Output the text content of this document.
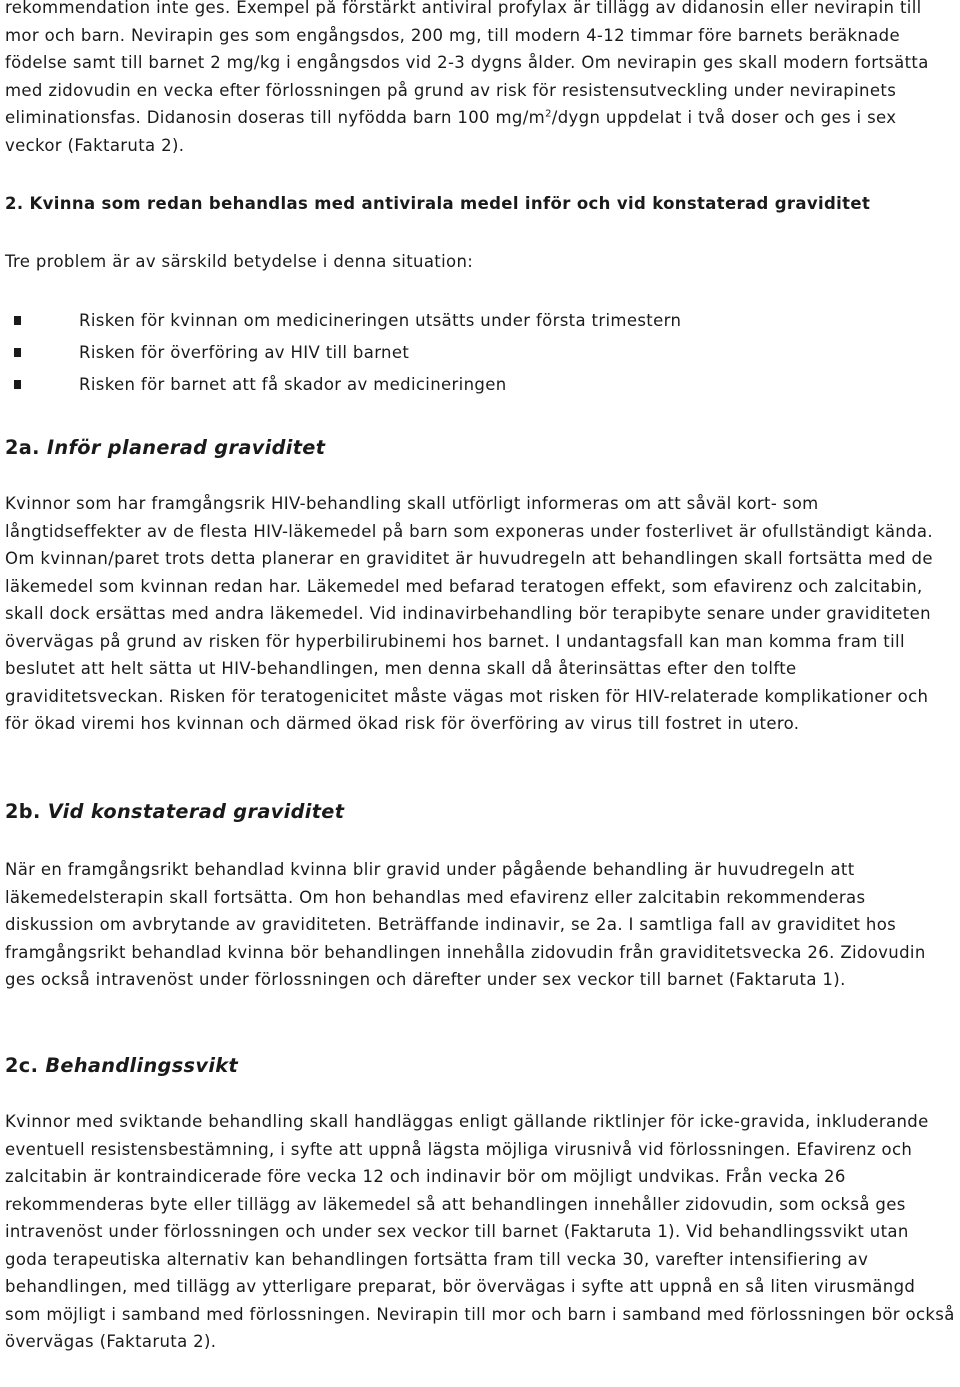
rekommendation inte ges. Exempel på förstärkt antiviral profylax är tillägg av didanosin eller nevirapin till mor och barn. Nevirapin ges som engångsdos, 200 mg, till modern 4-12 timmar före barnets beräknade födelse samt till barnet 2 mg/kg i engångsdos vid 2-3 dygns ålder. Om nevirapin ges skall modern fortsätta med zidovudin en vecka efter förlossningen på grund av risk för resistensutveckling under nevirapinets eliminationsfas. Didanosin doseras till nyfödda barn 100 $mg/m^2$/dygn uppdelat i två doser och ges i sex veckor (Faktaruta 2).

2. Kvinna som redan behandlas med antivirala medel inför och vid konstaterad graviditet

Tre problem är av särskild betydelse i denna situation:

Risken för kvinnan om medicineringen utsätts under första trimestern
Risken för överföring av HIV till barnet
Risken för barnet att få skador av medicineringen
2a. Inför planerad graviditet

Kvinnor som har framgångsrik HIV-behandling skall utförligt informeras om att såväl kort- som långtidseffekter av de flesta HIV-läkemedel på barn som exponeras under fosterlivet är ofullständigt kända. Om kvinnan/paret trots detta planerar en graviditet är huvudregeln att behandlingen skall fortsätta med de läkemedel som kvinnan redan har. Läkemedel med befarad teratogen effekt, som efavirenz och zalcitabin, skall dock ersättas med andra läkemedel. Vid indinavirbehandling bör terapibyte senare under graviditeten övervägas på grund av risken för hyperbilirubinemi hos barnet. I undantagsfall kan man komma fram till beslutet att helt sätta ut HIV-behandlingen, men denna skall då återinsättas efter den tolfte graviditetsveckan. Risken för teratogenicitet måste vägas mot risken för HIV-relaterade komplikationer och för ökad viremi hos kvinnan och därmed ökad risk för överföring av virus till fostret in utero.

2b. Vid konstaterad graviditet

När en framgångsrikt behandlad kvinna blir gravid under pågående behandling är huvudregeln att läkemedelsterapin skall fortsätta. Om hon behandlas med efavirenz eller zalcitabin rekommenderas diskussion om avbrytande av graviditeten. Beträffande indinavir, se 2a. I samtliga fall av graviditet hos framgångsrikt behandlad kvinna bör behandlingen innehålla zidovudin från graviditetsvecka 26. Zidovudin ges också intravenöst under förlossningen och därefter under sex veckor till barnet (Faktaruta 1).

2c. Behandlingssvikt

Kvinnor med sviktande behandling skall handläggas enligt gällande riktlinjer för icke-gravida, inkluderande eventuell resistensbestämning, i syfte att uppnå lägsta möjliga virusnivå vid förlossningen. Efavirenz och zalcitabin är kontraindicerade före vecka 12 och indinavir bör om möjligt undvikas. Från vecka 26 rekommenderas byte eller tillägg av läkemedel så att behandlingen innehåller zidovudin, som också ges intravenöst under förlossningen och under sex veckor till barnet (Faktaruta 1). Vid behandlingssvikt utan goda terapeutiska alternativ kan behandlingen fortsätta fram till vecka 30, varefter intensifiering av behandlingen, med tillägg av ytterligare preparat, bör övervägas i syfte att uppnå en så liten virusmängd som möjligt i samband med förlossningen. Nevirapin till mor och barn i samband med förlossningen bör också övervägas (Faktaruta 2).
